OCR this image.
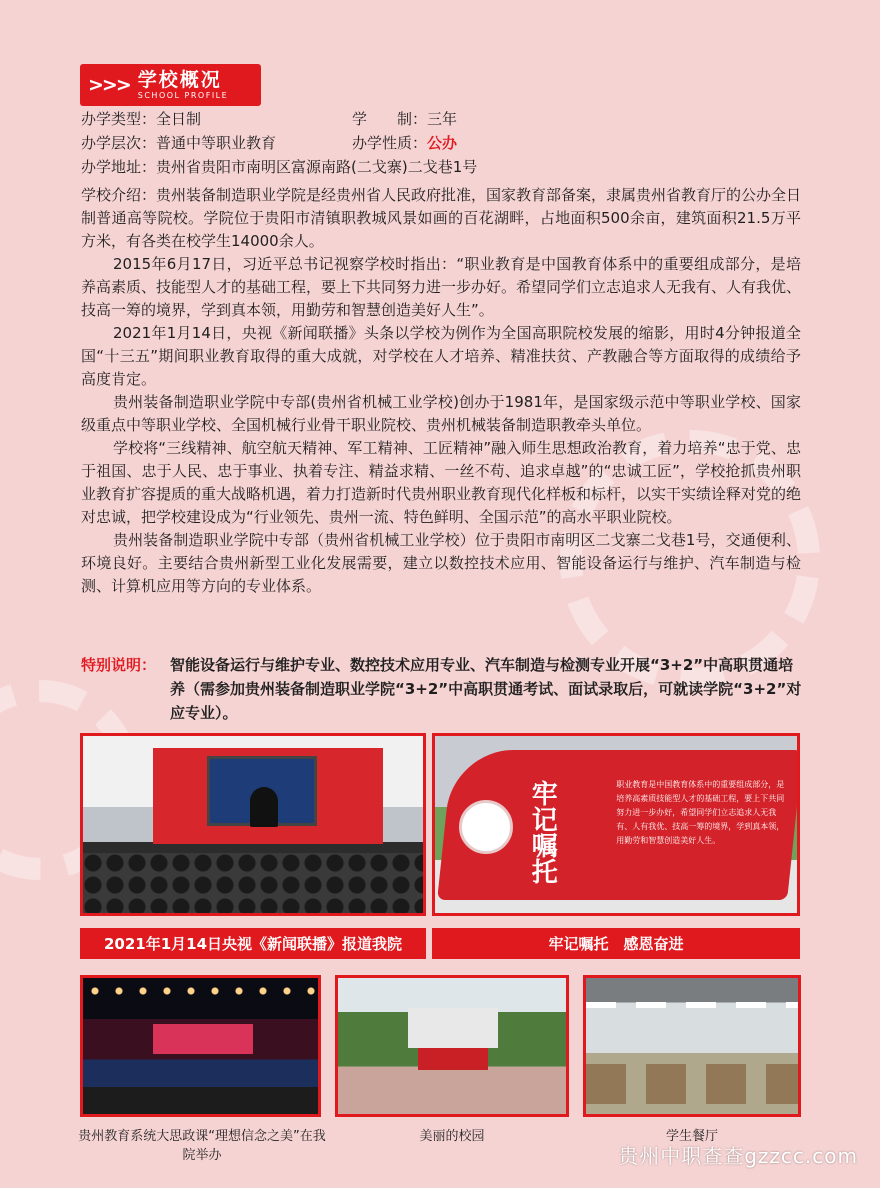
>>> 学校概况
SCHOOL PROFILE
办学类型：全日制	学　　制：三年
办学层次：普通中等职业教育	办学性质：公办
办学地址：贵州省贵阳市南明区富源南路(二戈寨)二戈巷1号

学校介绍：贵州装备制造职业学院是经贵州省人民政府批准，国家教育部备案，隶属贵州省教育厅的公办全日制普通高等院校。学院位于贵阳市清镇职教城风景如画的百花湖畔，占地面积500余亩，建筑面积21.5万平方米，有各类在校学生14000余人。

2015年6月17日，习近平总书记视察学校时指出：“职业教育是中国教育体系中的重要组成部分，是培养高素质、技能型人才的基础工程，要上下共同努力进一步办好。希望同学们立志追求人无我有、人有我优、技高一筹的境界，学到真本领，用勤劳和智慧创造美好人生”。

2021年1月14日，央视《新闻联播》头条以学校为例作为全国高职院校发展的缩影，用时4分钟报道全国“十三五”期间职业教育取得的重大成就，对学校在人才培养、精准扶贫、产教融合等方面取得的成绩给予高度肯定。

贵州装备制造职业学院中专部(贵州省机械工业学校)创办于1981年，是国家级示范中等职业学校、国家级重点中等职业学校、全国机械行业骨干职业院校、贵州机械装备制造职教牵头单位。

学校将“三线精神、航空航天精神、军工精神、工匠精神”融入师生思想政治教育，着力培养“忠于党、忠于祖国、忠于人民、忠于事业、执着专注、精益求精、一丝不苟、追求卓越”的“忠诚工匠”，学校抢抓贵州职业教育扩容提质的重大战略机遇，着力打造新时代贵州职业教育现代化样板和标杆，以实干实绩诠释对党的绝对忠诚，把学校建设成为“行业领先、贵州一流、特色鲜明、全国示范”的高水平职业院校。

贵州装备制造职业学院中专部（贵州省机械工业学校）位于贵阳市南明区二戈寨二戈巷1号，交通便利、环境良好。主要结合贵州新型工业化发展需要，建立以数控技术应用、智能设备运行与维护、汽车制造与检测、计算机应用等方向的专业体系。

特别说明： 智能设备运行与维护专业、数控技术应用专业、汽车制造与检测专业开展“3+2”中高职贯通培养（需参加贵州装备制造职业学院“3+2”中高职贯通考试、面试录取后，可就读学院“3+2”对应专业）。
2021年1月14日央视《新闻联播》报道我院
牢记嘱托	职业教育是中国教育体系中的重要组成部分，是培养高素质技能型人才的基础工程，要上下共同努力进一步办好，希望同学们立志追求人无我有、人有我优、技高一筹的境界，学到真本领，用勤劳和智慧创造美好人生。
牢记嘱托　感恩奋进
贵州教育系统大思政课“理想信念之美”在我院举办
美丽的校园	学生餐厅
贵州中职查查gzzcc.com
